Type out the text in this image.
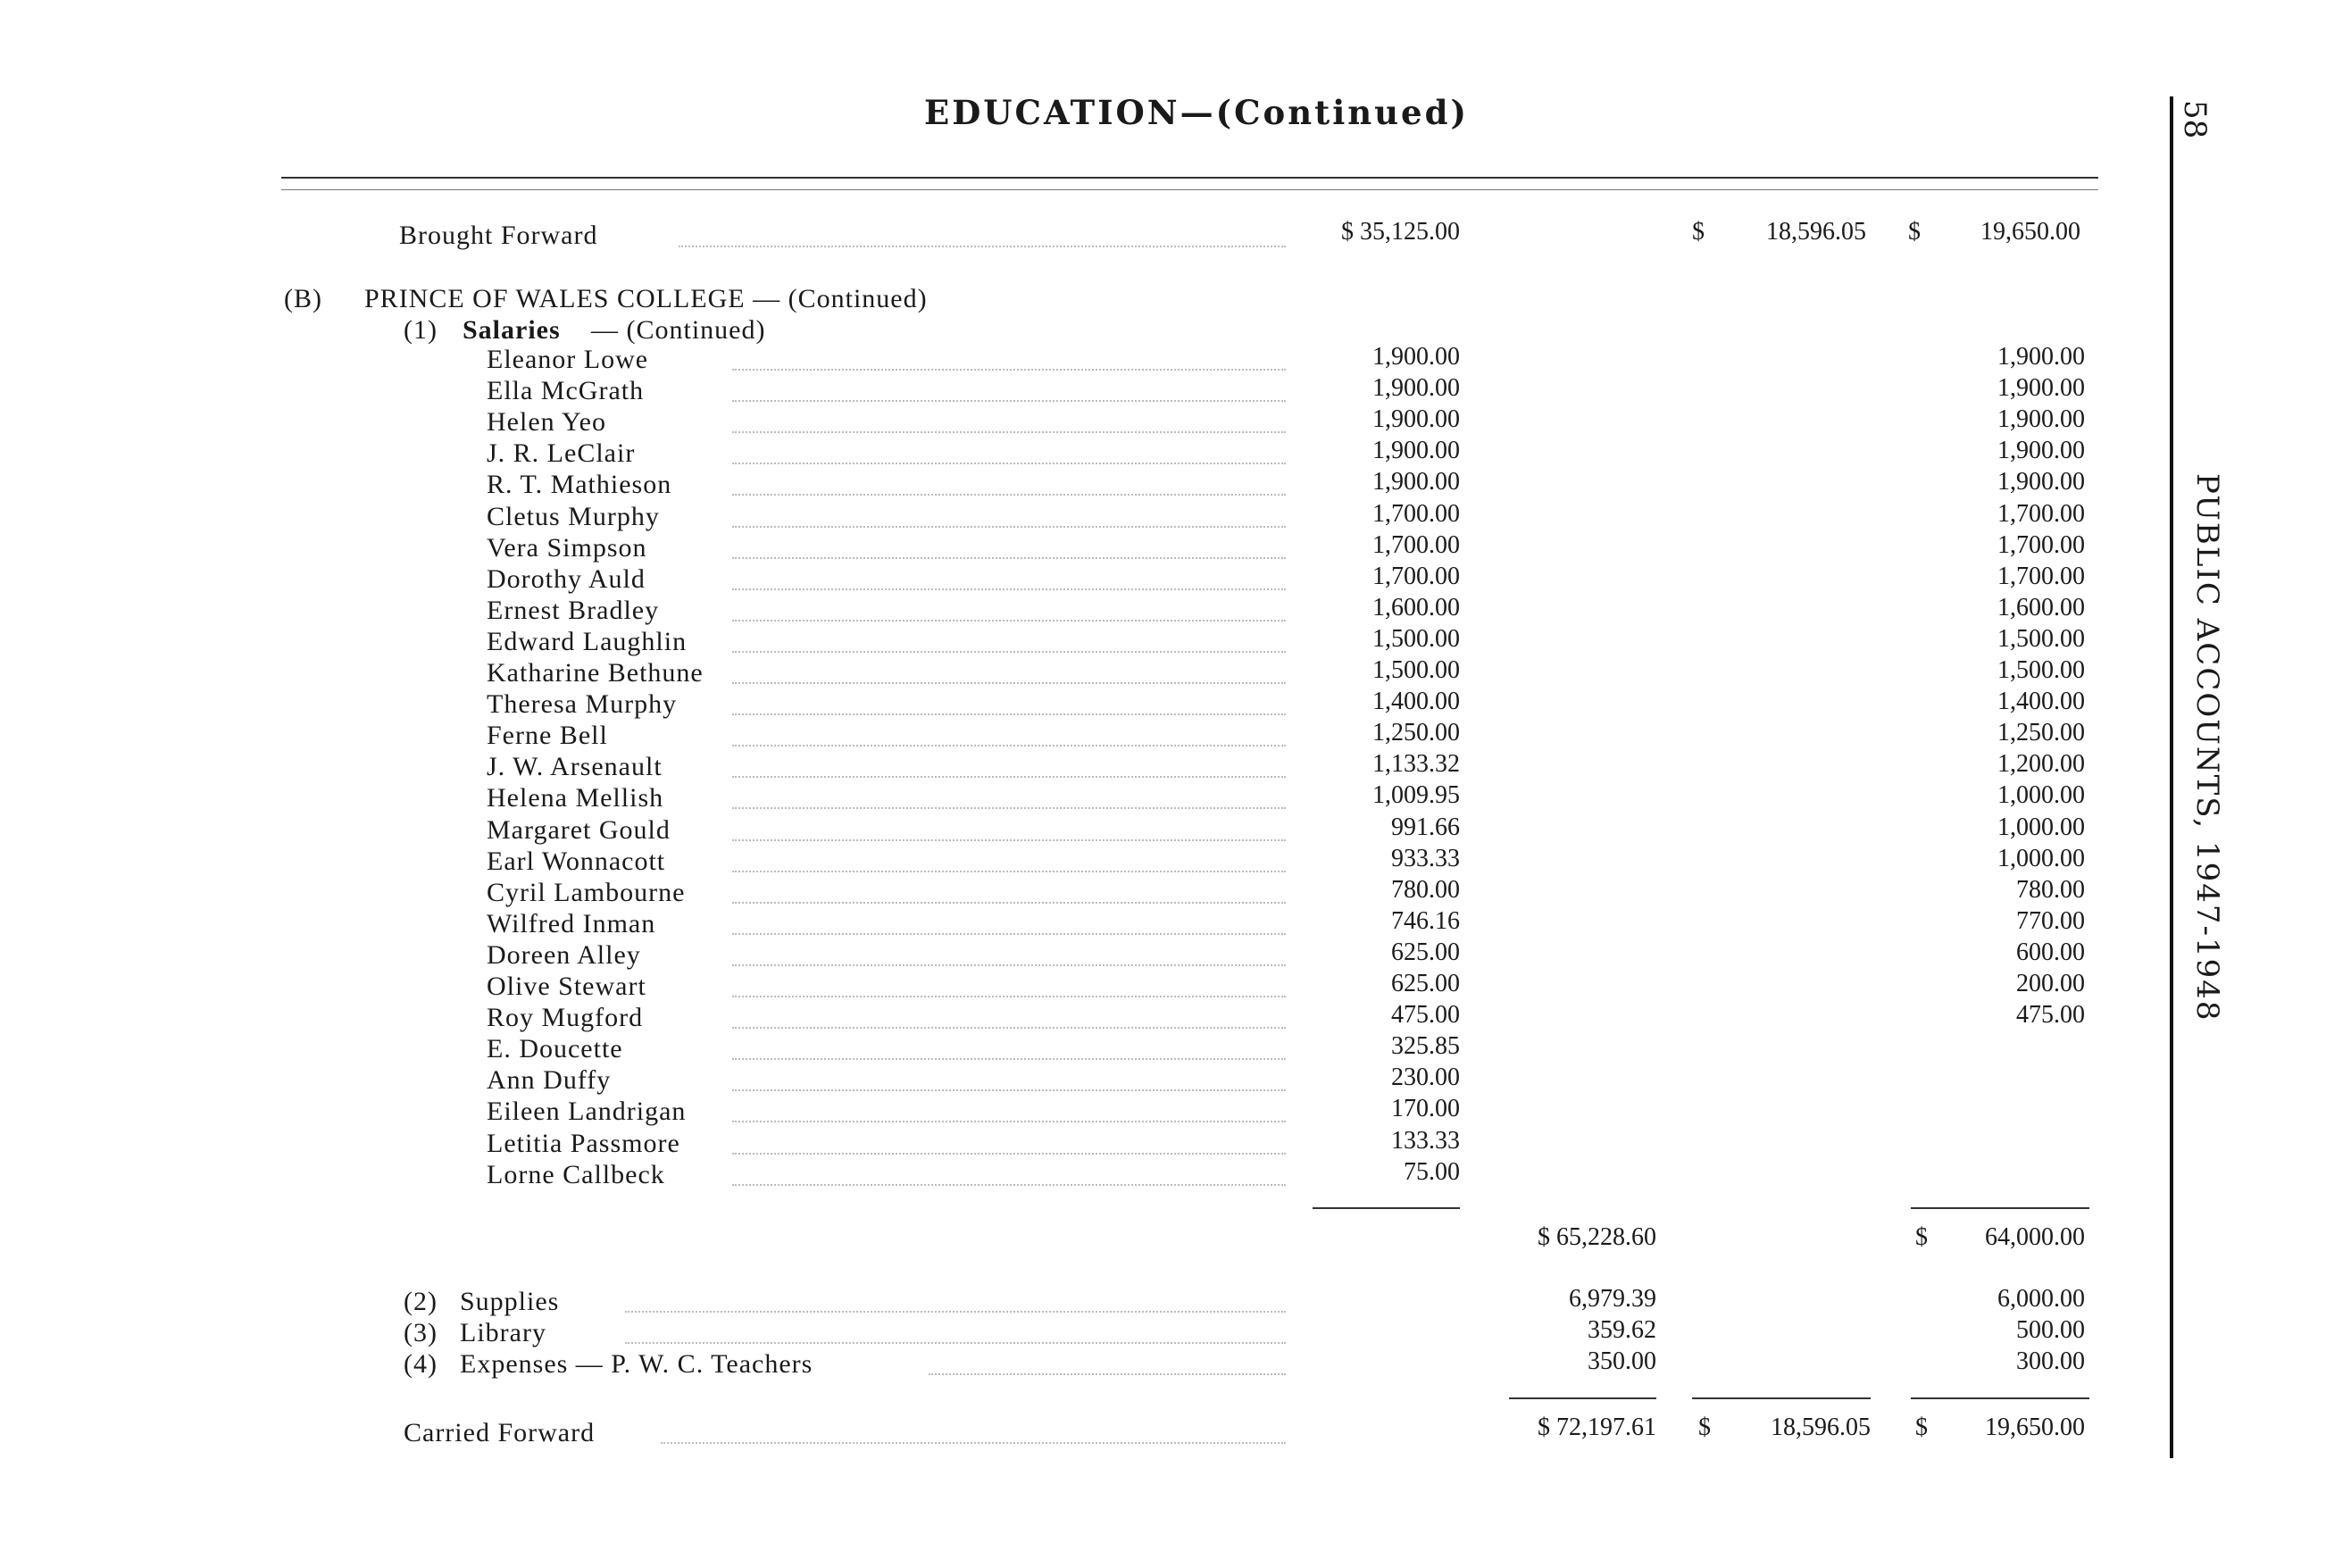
EDUCATION—(Continued)	58
PUBLIC ACCOUNTS, 1947-1948
Brought Forward	$ 35,125.00	$	18,596.05 $	19,650.00
(B) PRINCE OF WALES COLLEGE — (Continued)
(1) Salaries — (Continued)
Eleanor Lowe	1,900.00	1,900.00
Ella McGrath	1,900.00	1,900.00
Helen Yeo	1,900.00	1,900.00
J. R. LeClair	1,900.00	1,900.00
R. T. Mathieson	1,900.00	1,900.00
Cletus Murphy	1,700.00	1,700.00
Vera Simpson	1,700.00	1,700.00
Dorothy Auld	1,700.00	1,700.00
Ernest Bradley	1,600.00	1,600.00
Edward Laughlin	1,500.00	1,500.00
Katharine Bethune	1,500.00	1,500.00
Theresa Murphy	1,400.00	1,400.00
Ferne Bell	1,250.00	1,250.00
J. W. Arsenault	1,133.32	1,200.00
Helena Mellish	1,009.95	1,000.00
Margaret Gould	991.66	1,000.00
Earl Wonnacott	933.33	1,000.00
Cyril Lambourne	780.00	780.00
Wilfred Inman	746.16	770.00
Doreen Alley	625.00	600.00
Olive Stewart	625.00	200.00
Roy Mugford	475.00	475.00
E. Doucette	325.85
Ann Duffy	230.00
Eileen Landrigan	170.00
Letitia Passmore	133.33
Lorne Callbeck	75.00
$ 65,228.60	$	64,000.00
(2) Supplies	6,979.39	6,000.00
(3) Library	359.62	500.00
(4) Expenses — P. W. C. Teachers	350.00	300.00
Carried Forward	$ 72,197.61 $	18,596.05 $	19,650.00
